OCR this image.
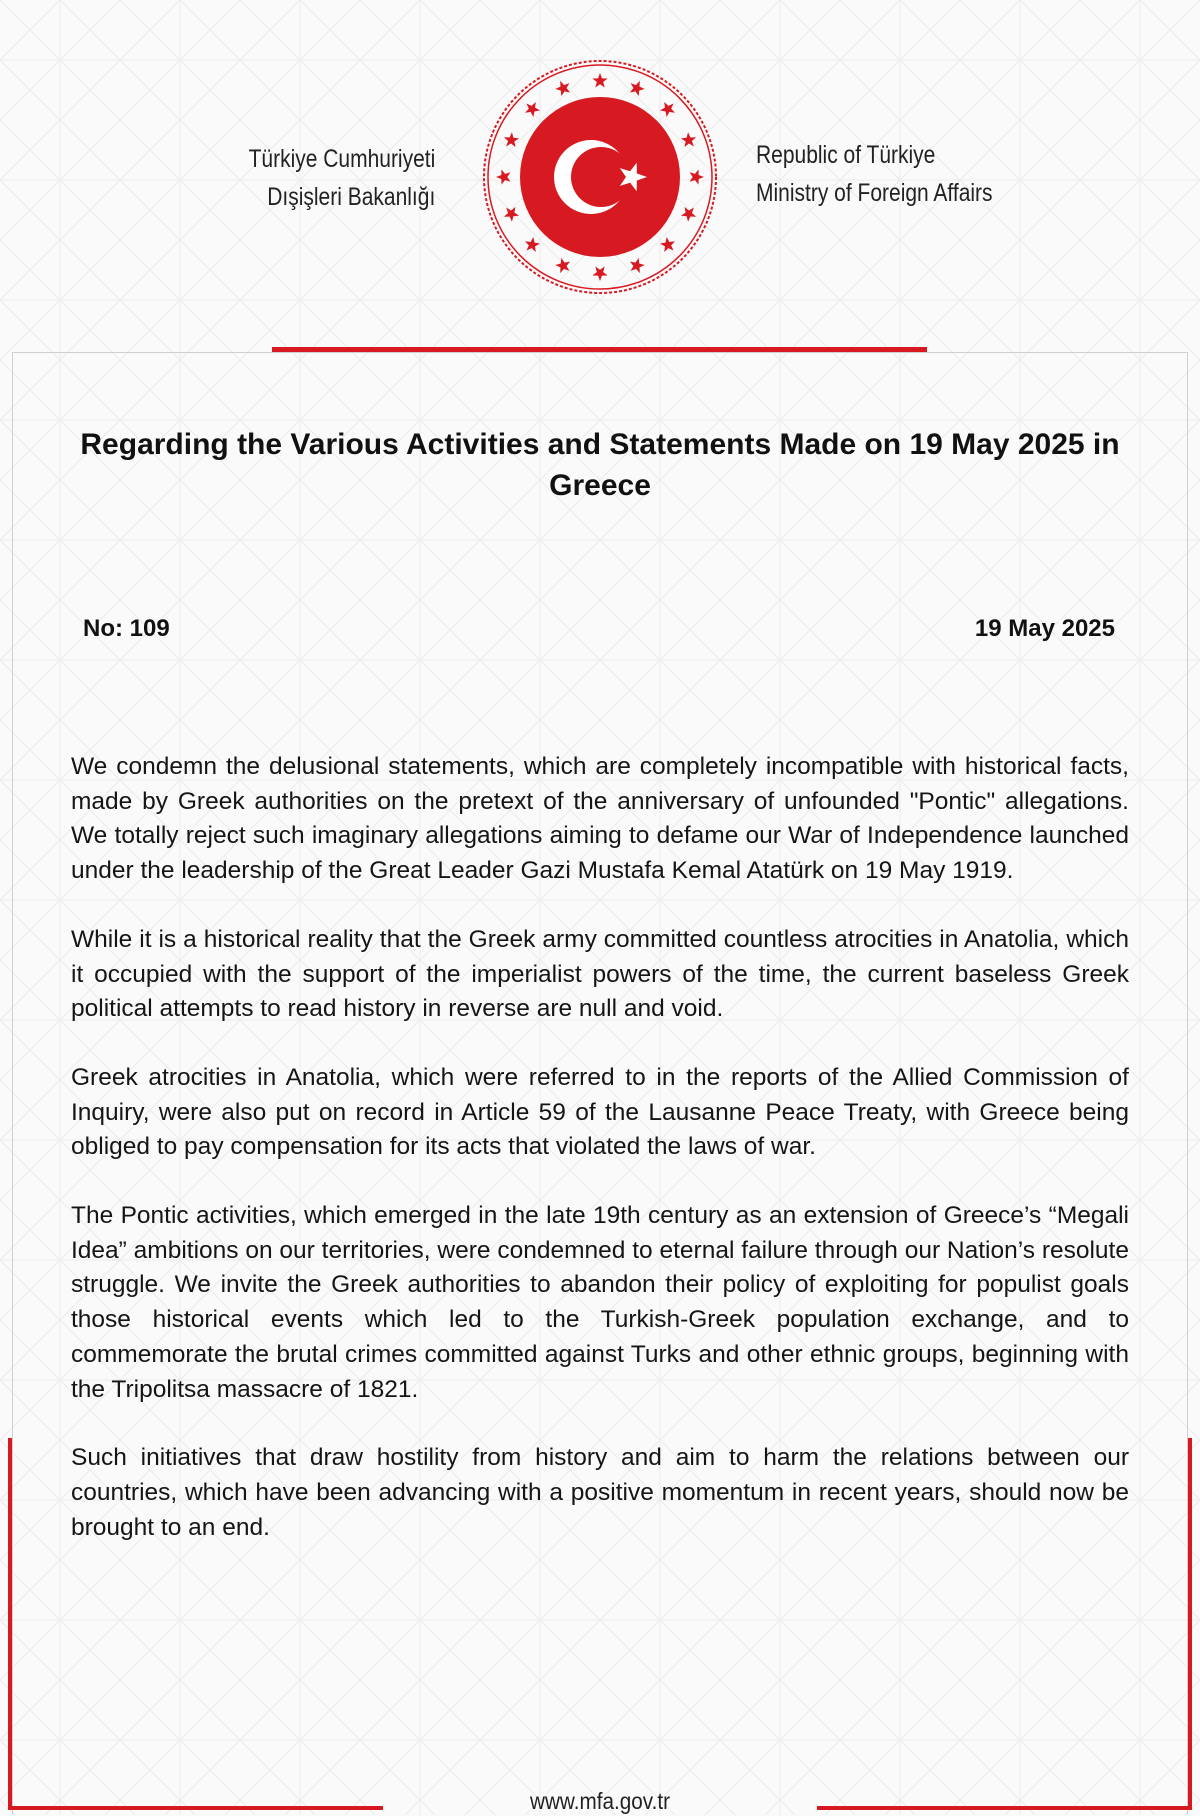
Türkiye Cumhuriyeti
Dışişleri Bakanlığı
Republic of Türkiye
Ministry of Foreign Affairs
Regarding the Various Activities and Statements Made on 19 May 2025 in Greece
No: 109	19 May 2025

We condemn the delusional statements, which are completely incompatible with historical facts, made by Greek authorities on the pretext of the anniversary of unfounded "Pontic" allegations. We totally reject such imaginary allegations aiming to defame our War of Independence launched under the leadership of the Great Leader Gazi Mustafa Kemal Atatürk on 19 May 1919.

While it is a historical reality that the Greek army committed countless atrocities in Anatolia, which it occupied with the support of the imperialist powers of the time, the current baseless Greek political attempts to read history in reverse are null and void.

Greek atrocities in Anatolia, which were referred to in the reports of the Allied Commission of Inquiry, were also put on record in Article 59 of the Lausanne Peace Treaty, with Greece being obliged to pay compensation for its acts that violated the laws of war.

The Pontic activities, which emerged in the late 19th century as an extension of Greece’s “Megali Idea” ambitions on our territories, were condemned to eternal failure through our Nation’s resolute struggle. We invite the Greek authorities to abandon their policy of exploiting for populist goals those historical events which led to the Turkish-Greek population exchange, and to commemorate the brutal crimes committed against Turks and other ethnic groups, beginning with the Tripolitsa massacre of 1821.

Such initiatives that draw hostility from history and aim to harm the relations between our countries, which have been advancing with a positive momentum in recent years, should now be brought to an end.

www.mfa.gov.tr
